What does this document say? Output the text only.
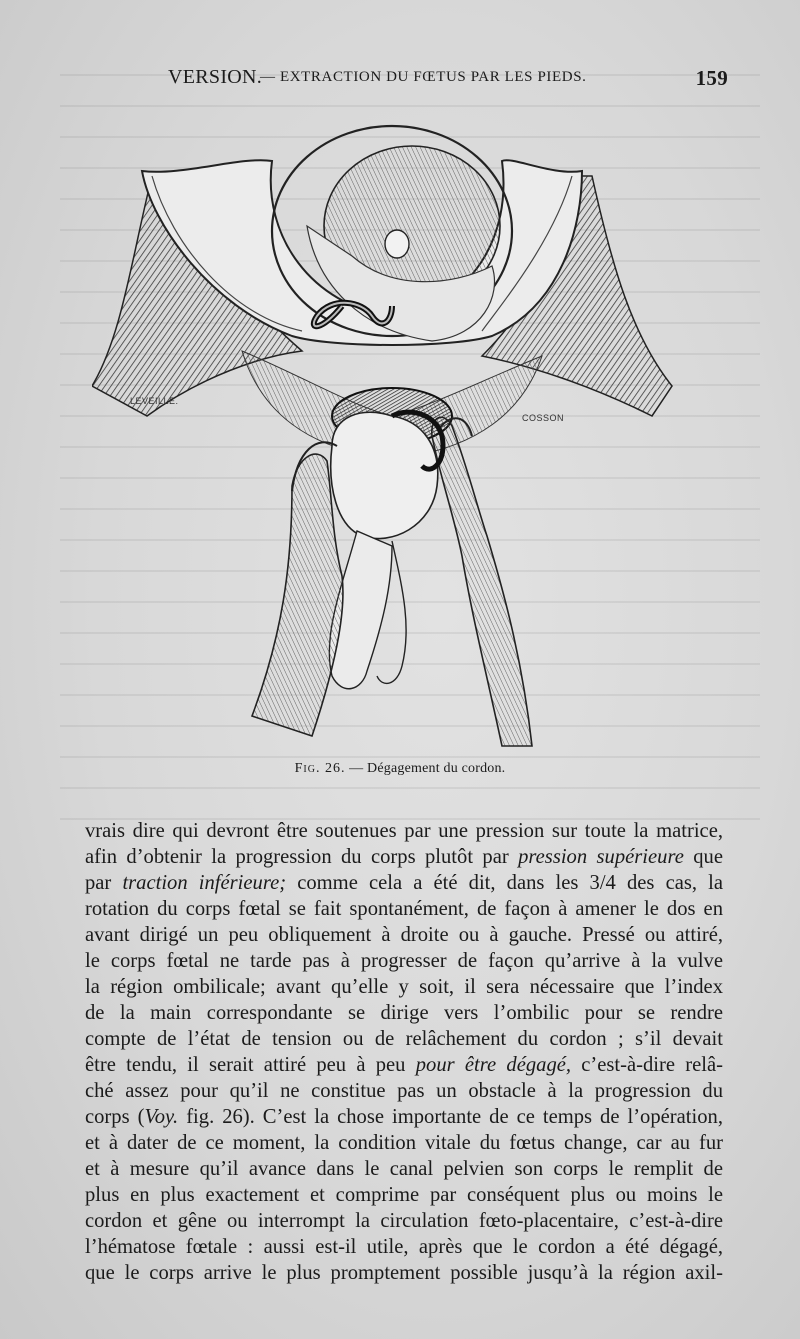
VERSION.
— EXTRACTION DU FŒTUS PAR LES PIEDS.	159
LEVEILLE.
COSSON
Fig. 26. — Dégagement du cordon.
vrais dire qui devront être soutenues par une pression sur toute la matrice,
afin d’obtenir la progression du corps plutôt par pression supérieure que
par traction inférieure; comme cela a été dit, dans les 3/4 des cas, la
rotation du corps fœtal se fait spontanément, de façon à amener le dos en
avant dirigé un peu obliquement à droite ou à gauche. Pressé ou attiré,
le corps fœtal ne tarde pas à progresser de façon qu’arrive à la vulve
la région ombilicale; avant qu’elle y soit, il sera nécessaire que l’index
de la main correspondante se dirige vers l’ombilic pour se rendre
compte de l’état de tension ou de relâchement du cordon ; s’il devait
être tendu, il serait attiré peu à peu pour être dégagé, c’est-à-dire relâ-
ché assez pour qu’il ne constitue pas un obstacle à la progression du
corps (Voy. fig. 26). C’est la chose importante de ce temps de l’opération,
et à dater de ce moment, la condition vitale du fœtus change, car au fur
et à mesure qu’il avance dans le canal pelvien son corps le remplit de
plus en plus exactement et comprime par conséquent plus ou moins le
cordon et gêne ou interrompt la circulation fœto-placentaire, c’est-à-dire
l’hématose fœtale : aussi est-il utile, après que le cordon a été dégagé,
que le corps arrive le plus promptement possible jusqu’à la région axil-
